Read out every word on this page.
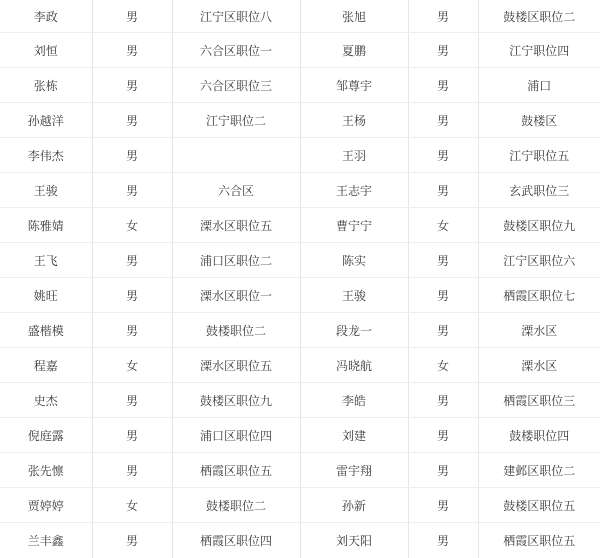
李政	男	江宁区职位八	张旭	男	鼓楼区职位二
刘恒	男	六合区职位一	夏鹏	男	江宁职位四
张栋	男	六合区职位三	邹尊宇	男	浦口
孙越洋	男	江宁职位二	王杨	男	鼓楼区
李伟杰	男		王羽	男	江宁职位五
王骏	男	六合区	王志宇	男	玄武职位三
陈雅婧	女	溧水区职位五	曹宁宁	女	鼓楼区职位九
王飞	男	浦口区职位二	陈实	男	江宁区职位六
姚旺	男	溧水区职位一	王骏	男	栖霞区职位七
盛楷模	男	鼓楼职位二	段龙一	男	溧水区
程嘉	女	溧水区职位五	冯晓航	女	溧水区
史杰	男	鼓楼区职位九	李皓	男	栖霞区职位三
倪庭露	男	浦口区职位四	刘建	男	鼓楼职位四
张先懔	男	栖霞区职位五	雷宇翔	男	建邺区职位二
贾婷婷	女	鼓楼职位二	孙新	男	鼓楼区职位五
兰丰鑫	男	栖霞区职位四	刘天阳	男	栖霞区职位五
